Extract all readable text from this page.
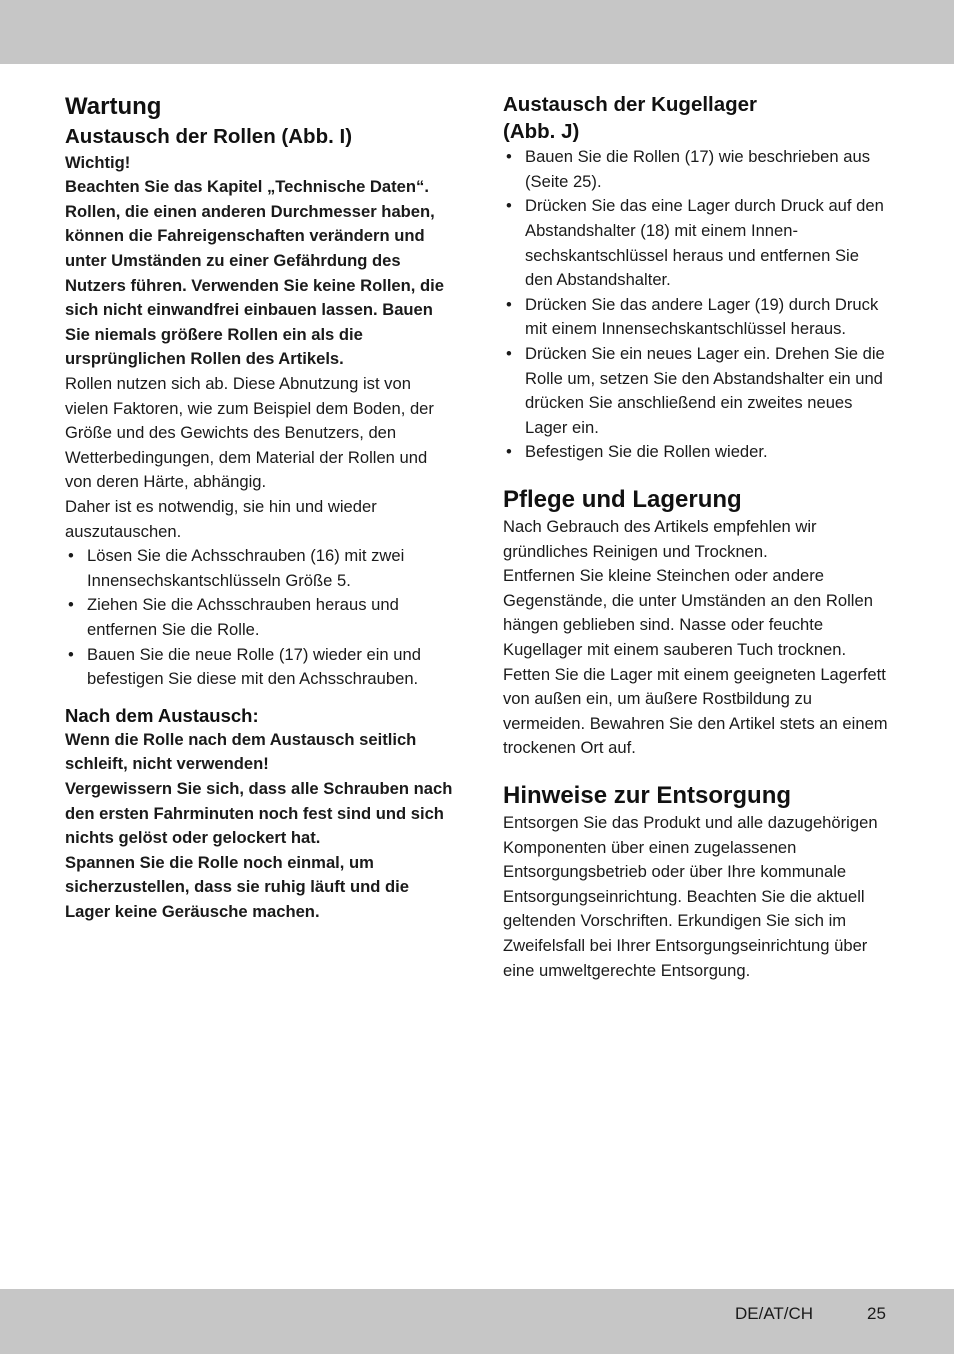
Wartung
Austausch der Rollen (Abb. I)

Wichtig!

Beachten Sie das Kapitel „Technische Daten“. Rollen, die einen anderen Durchmesser haben, können die Fahreigenschaften verändern und unter Umständen zu einer Gefährdung des Nutzers führen. Verwenden Sie keine Rollen, die sich nicht einwandfrei einbauen lassen. Bauen Sie niemals größere Rollen ein als die ursprünglichen Rollen des Artikels.

Rollen nutzen sich ab. Diese Abnutzung ist von vielen Faktoren, wie zum Beispiel dem Boden, der Größe und des Gewichts des Benutzers, den Wetterbedingungen, dem Material der Rollen und von deren Härte, abhängig.

Daher ist es notwendig, sie hin und wieder auszutauschen.

• Lösen Sie die Achsschrauben (16) mit zwei Innensechskantschlüsseln Größe 5.
• Ziehen Sie die Achsschrauben heraus und entfernen Sie die Rolle.
• Bauen Sie die neue Rolle (17) wieder ein und befestigen Sie diese mit den Achsschrauben.
Nach dem Austausch:

Wenn die Rolle nach dem Austausch seitlich schleift, nicht verwenden!

Vergewissern Sie sich, dass alle Schrauben nach den ersten Fahrminuten noch fest sind und sich nichts gelöst oder gelockert hat.

Spannen Sie die Rolle noch einmal, um sicherzustellen, dass sie ruhig läuft und die Lager keine Geräusche machen.

Austausch der Kugellager
(Abb. J)
• Bauen Sie die Rollen (17) wie beschrieben aus (Seite 25).
• Drücken Sie das eine Lager durch Druck auf den Abstandshalter (18) mit einem Innensechskantschlüssel heraus und entfernen Sie den Abstandshalter.
• Drücken Sie das andere Lager (19) durch Druck mit einem Innensechskantschlüssel heraus.
• Drücken Sie ein neues Lager ein. Drehen Sie die Rolle um, setzen Sie den Abstandshalter ein und drücken Sie anschließend ein zweites neues Lager ein.
• Befestigen Sie die Rollen wieder.
Pflege und Lagerung

Nach Gebrauch des Artikels empfehlen wir gründliches Reinigen und Trocknen.

Entfernen Sie kleine Steinchen oder andere Gegenstände, die unter Umständen an den Rollen hängen geblieben sind. Nasse oder feuchte Kugellager mit einem sauberen Tuch trocknen. Fetten Sie die Lager mit einem geeigneten Lagerfett von außen ein, um äußere Rostbildung zu vermeiden. Bewahren Sie den Artikel stets an einem trockenen Ort auf.

Hinweise zur Entsorgung

Entsorgen Sie das Produkt und alle dazugehörigen Komponenten über einen zugelassenen Entsorgungsbetrieb oder über Ihre kommunale Entsorgungseinrichtung. Beachten Sie die aktuell geltenden Vorschriften. Erkundigen Sie sich im Zweifelsfall bei Ihrer Entsorgungseinrichtung über eine umweltgerechte Entsorgung.

DE/AT/CH	25
